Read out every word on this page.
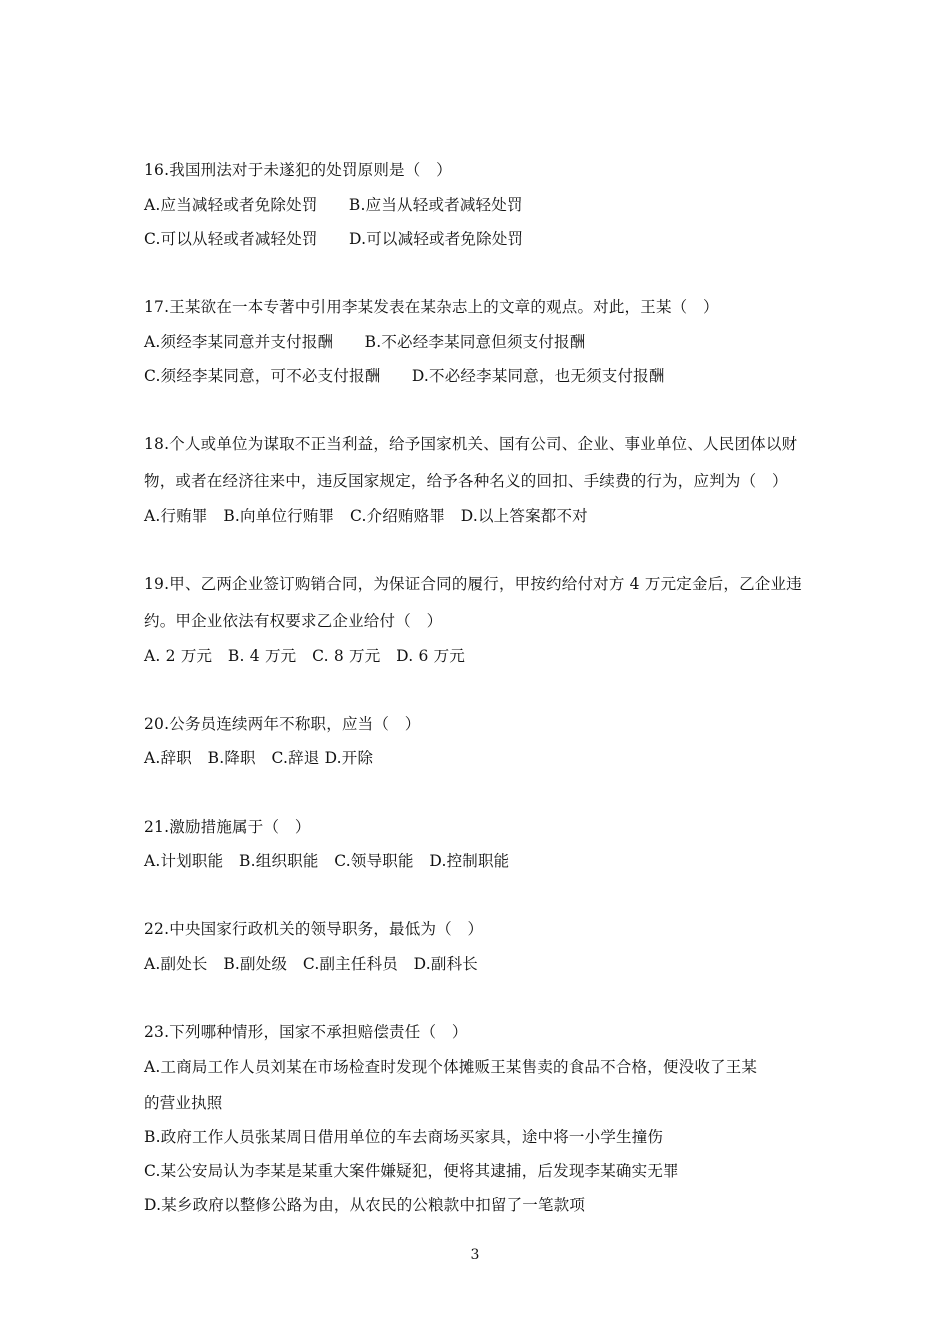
16.我国刑法对于未遂犯的处罚原则是（　）
A.应当减轻或者免除处罚　　B.应当从轻或者减轻处罚
C.可以从轻或者减轻处罚　　D.可以减轻或者免除处罚
17.王某欲在一本专著中引用李某发表在某杂志上的文章的观点。对此，王某（　）
A.须经李某同意并支付报酬　　B.不必经李某同意但须支付报酬
C.须经李某同意，可不必支付报酬　　D.不必经李某同意，也无须支付报酬
18.个人或单位为谋取不正当利益，给予国家机关、国有公司、企业、事业单位、人民团体以财
物，或者在经济往来中，违反国家规定，给予各种名义的回扣、手续费的行为，应判为（　）
A.行贿罪　B.向单位行贿罪　C.介绍贿赂罪　D.以上答案都不对
19.甲、乙两企业签订购销合同，为保证合同的履行，甲按约给付对方 4 万元定金后，乙企业违
约。甲企业依法有权要求乙企业给付（　）
A. 2 万元　B. 4 万元　C. 8 万元　D. 6 万元
20.公务员连续两年不称职，应当（　）
A.辞职　B.降职　C.辞退 D.开除
21.激励措施属于（　）
A.计划职能　B.组织职能　C.领导职能　D.控制职能
22.中央国家行政机关的领导职务，最低为（　）
A.副处长　B.副处级　C.副主任科员　D.副科长
23.下列哪种情形，国家不承担赔偿责任（　）
A.工商局工作人员刘某在市场检查时发现个体摊贩王某售卖的食品不合格，便没收了王某
的营业执照
B.政府工作人员张某周日借用单位的车去商场买家具，途中将一小学生撞伤
C.某公安局认为李某是某重大案件嫌疑犯，便将其逮捕，后发现李某确实无罪
D.某乡政府以整修公路为由，从农民的公粮款中扣留了一笔款项
3
